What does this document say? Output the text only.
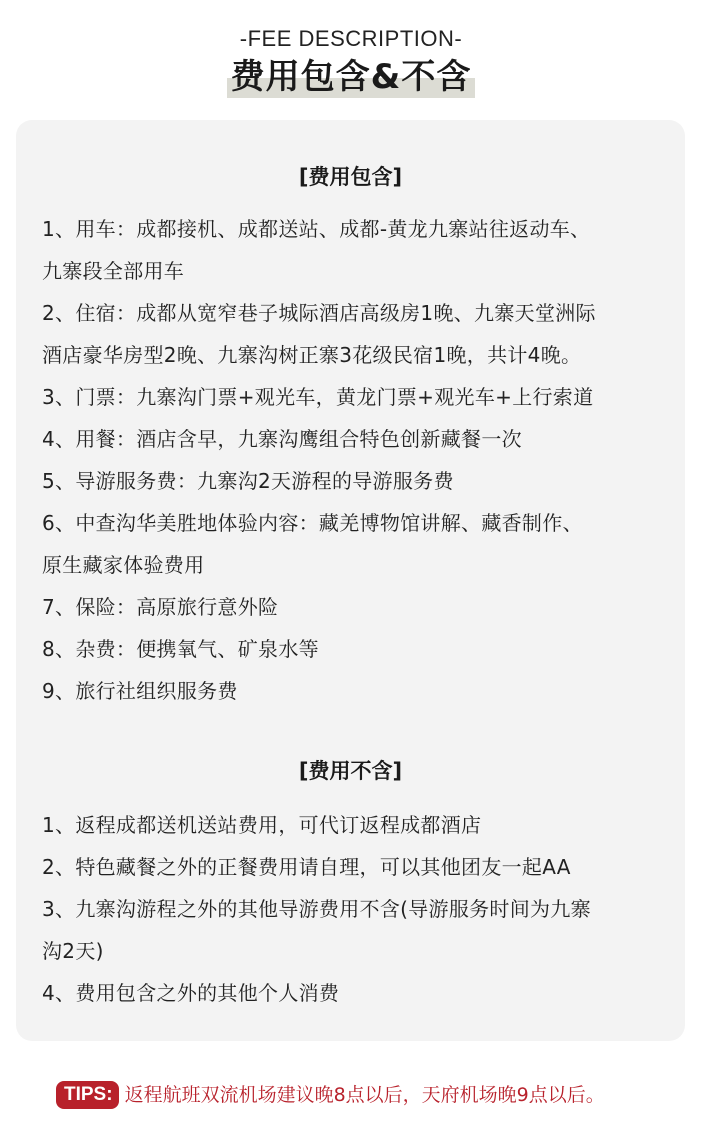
-FEE DESCRIPTION-
费用包含&不含
[费用包含]
1、用车：成都接机、成都送站、成都-黄龙九寨站往返动车、
九寨段全部用车
2、住宿：成都从宽窄巷子城际酒店高级房1晚、九寨天堂洲际
酒店豪华房型2晚、九寨沟树正寨3花级民宿1晚，共计4晚。
3、门票：九寨沟门票+观光车，黄龙门票+观光车+上行索道
4、用餐：酒店含早，九寨沟鹰组合特色创新藏餐一次
5、导游服务费：九寨沟2天游程的导游服务费
6、中查沟华美胜地体验内容：藏羌博物馆讲解、藏香制作、
原生藏家体验费用
7、保险：高原旅行意外险
8、杂费：便携氧气、矿泉水等
9、旅行社组织服务费
[费用不含]
1、返程成都送机送站费用，可代订返程成都酒店
2、特色藏餐之外的正餐费用请自理，可以其他团友一起AA
3、九寨沟游程之外的其他导游费用不含(导游服务时间为九寨
沟2天)
4、费用包含之外的其他个人消费
TIPS: 返程航班双流机场建议晚8点以后，天府机场晚9点以后。
